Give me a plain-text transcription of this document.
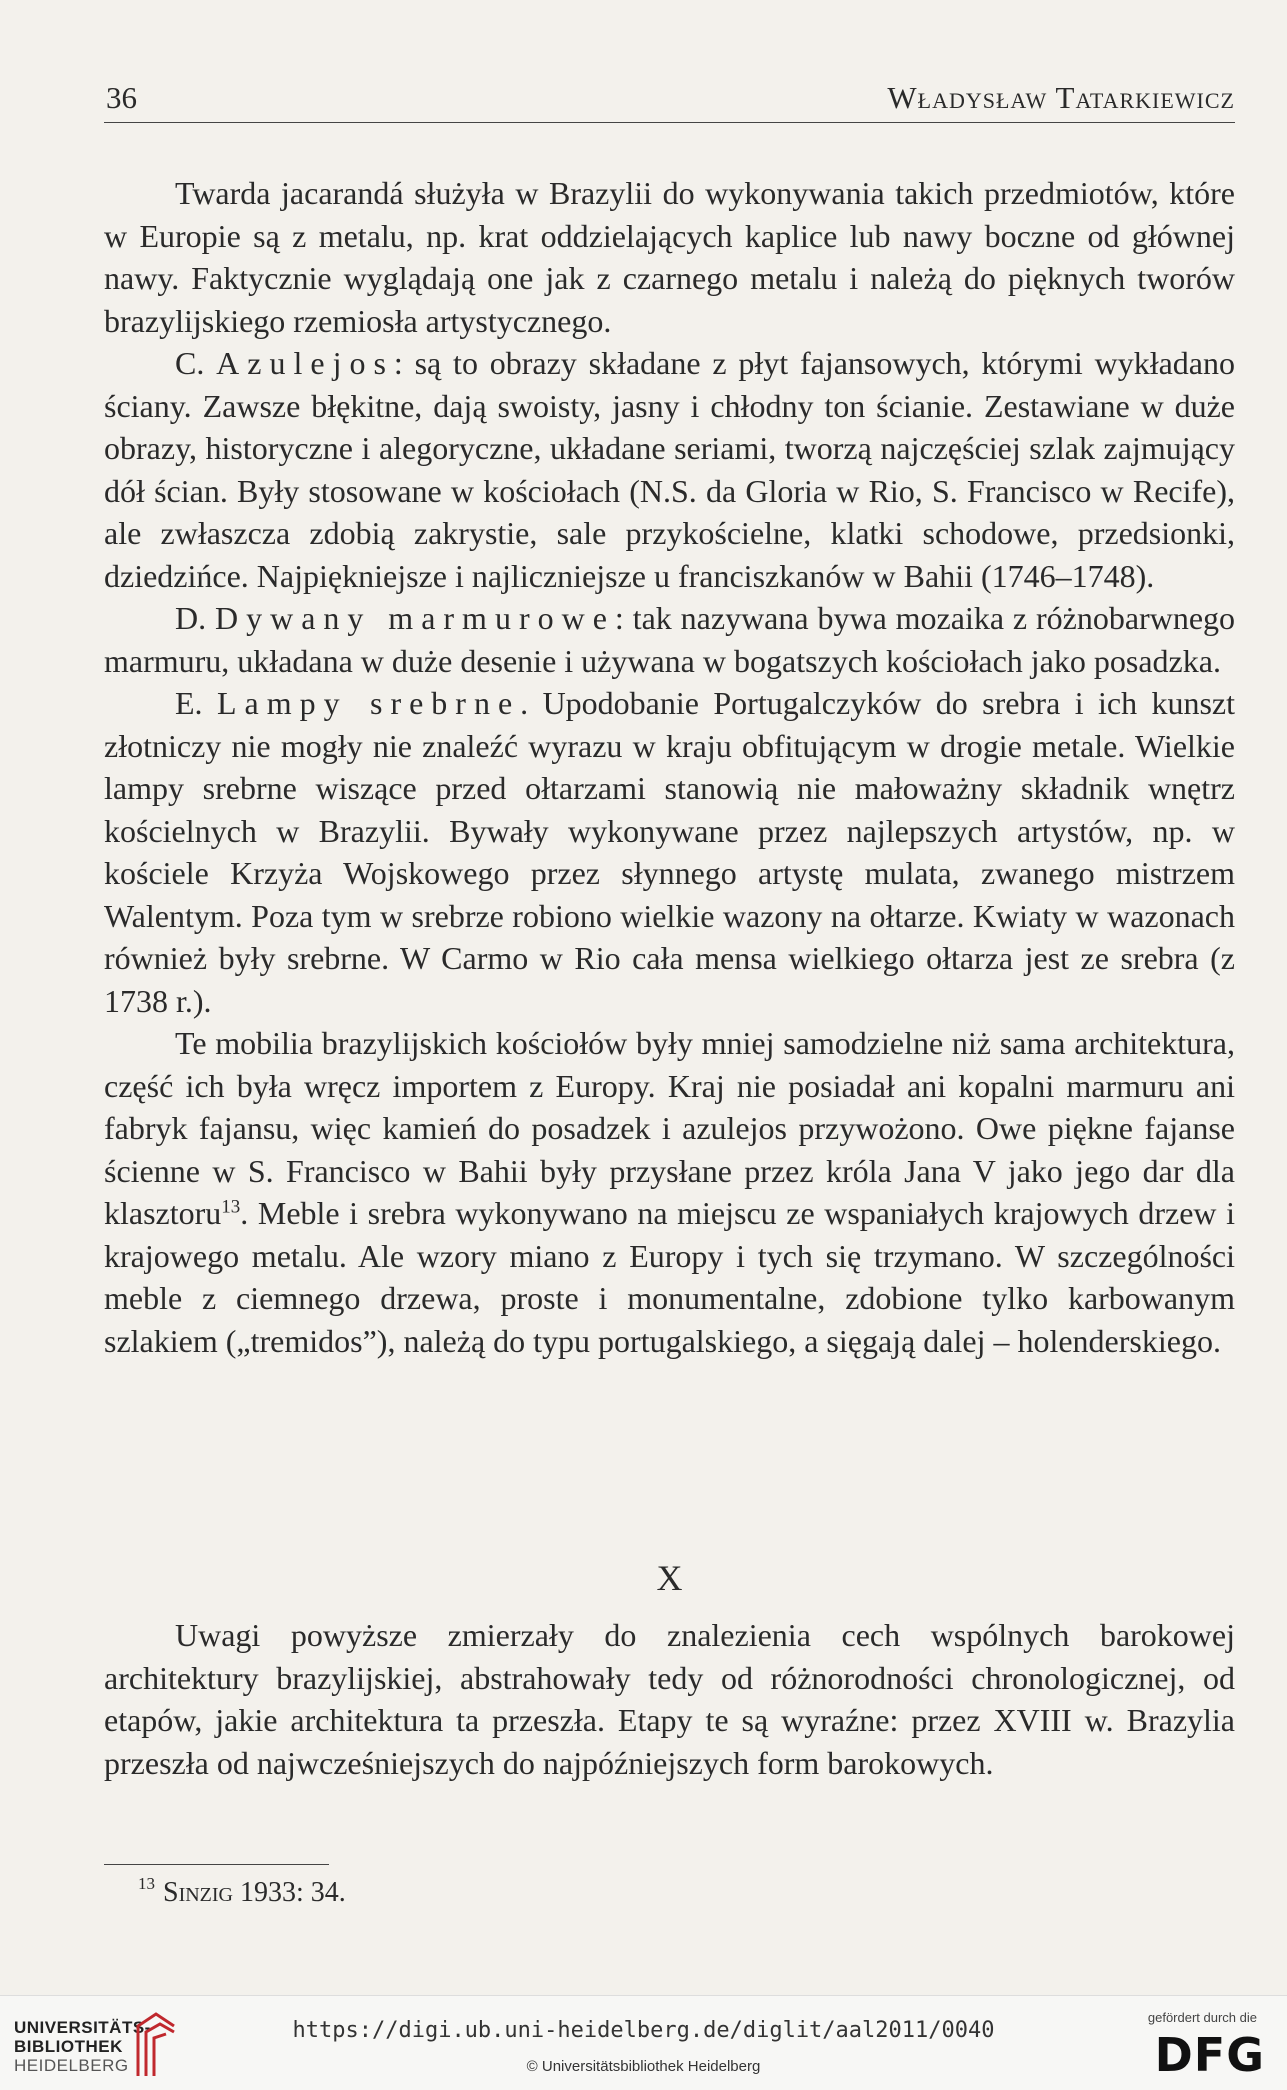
36	Władysław Tatarkiewicz

Twarda jacarandá służyła w Brazylii do wykonywania takich przedmiotów, które w Europie są z metalu, np. krat oddzielających kaplice lub nawy boczne od głównej nawy. Faktycznie wyglądają one jak z czarnego metalu i należą do pięknych tworów brazylijskiego rzemiosła artystycznego.

C. Azulejos: są to obrazy składane z płyt fajansowych, którymi wykładano ściany. Zawsze błękitne, dają swoisty, jasny i chłodny ton ścianie. Zestawiane w duże obrazy, historyczne i alegoryczne, układane seriami, tworzą najczęściej szlak zajmujący dół ścian. Były stosowane w kościołach (N.S. da Gloria w Rio, S. Francisco w Recife), ale zwłaszcza zdobią zakrystie, sale przykościelne, klatki schodowe, przedsionki, dziedzińce. Najpiękniejsze i najliczniejsze u franciszkanów w Bahii (1746–1748).

D. Dywany marmurowe: tak nazywana bywa mozaika z różnobarwnego marmuru, układana w duże desenie i używana w bogatszych kościołach jako posadzka.

E. Lampy srebrne. Upodobanie Portugalczyków do srebra i ich kunszt złotniczy nie mogły nie znaleźć wyrazu w kraju obfitującym w drogie metale. Wielkie lampy srebrne wiszące przed ołtarzami stanowią nie małoważny składnik wnętrz kościelnych w Brazylii. Bywały wykonywane przez najlepszych artystów, np. w kościele Krzyża Wojskowego przez słynnego artystę mulata, zwanego mistrzem Walentym. Poza tym w srebrze robiono wielkie wazony na ołtarze. Kwiaty w wazonach również były srebrne. W Carmo w Rio cała mensa wielkiego ołtarza jest ze srebra (z 1738 r.).

Te mobilia brazylijskich kościołów były mniej samodzielne niż sama architektura, część ich była wręcz importem z Europy. Kraj nie posiadał ani kopalni marmuru ani fabryk fajansu, więc kamień do posadzek i azulejos przywożono. Owe piękne fajanse ścienne w S. Francisco w Bahii były przysłane przez króla Jana V jako jego dar dla klasztoru$^{13}$. Meble i srebra wykonywano na miejscu ze wspaniałych krajowych drzew i krajowego metalu. Ale wzory miano z Europy i tych się trzymano. W szczególności meble z ciemnego drzewa, proste i monumentalne, zdobione tylko karbowanym szlakiem („tremidos”), należą do typu portugalskiego, a sięgają dalej – holenderskiego.

X

Uwagi powyższe zmierzały do znalezienia cech wspólnych barokowej architektury brazylijskiej, abstrahowały tedy od różnorodności chronologicznej, od etapów, jakie architektura ta przeszła. Etapy te są wyraźne: przez XVIII w. Brazylia przeszła od najwcześniejszych do najpóźniejszych form barokowych.

$^{13}$ Sinzig 1933: 34.
UNIVERSITÄTS-
BIBLIOTHEK
HEIDELBERG
https://digi.ub.uni-heidelberg.de/diglit/aal2011/0040
© Universitätsbibliothek Heidelberg
gefördert durch die
DFG
